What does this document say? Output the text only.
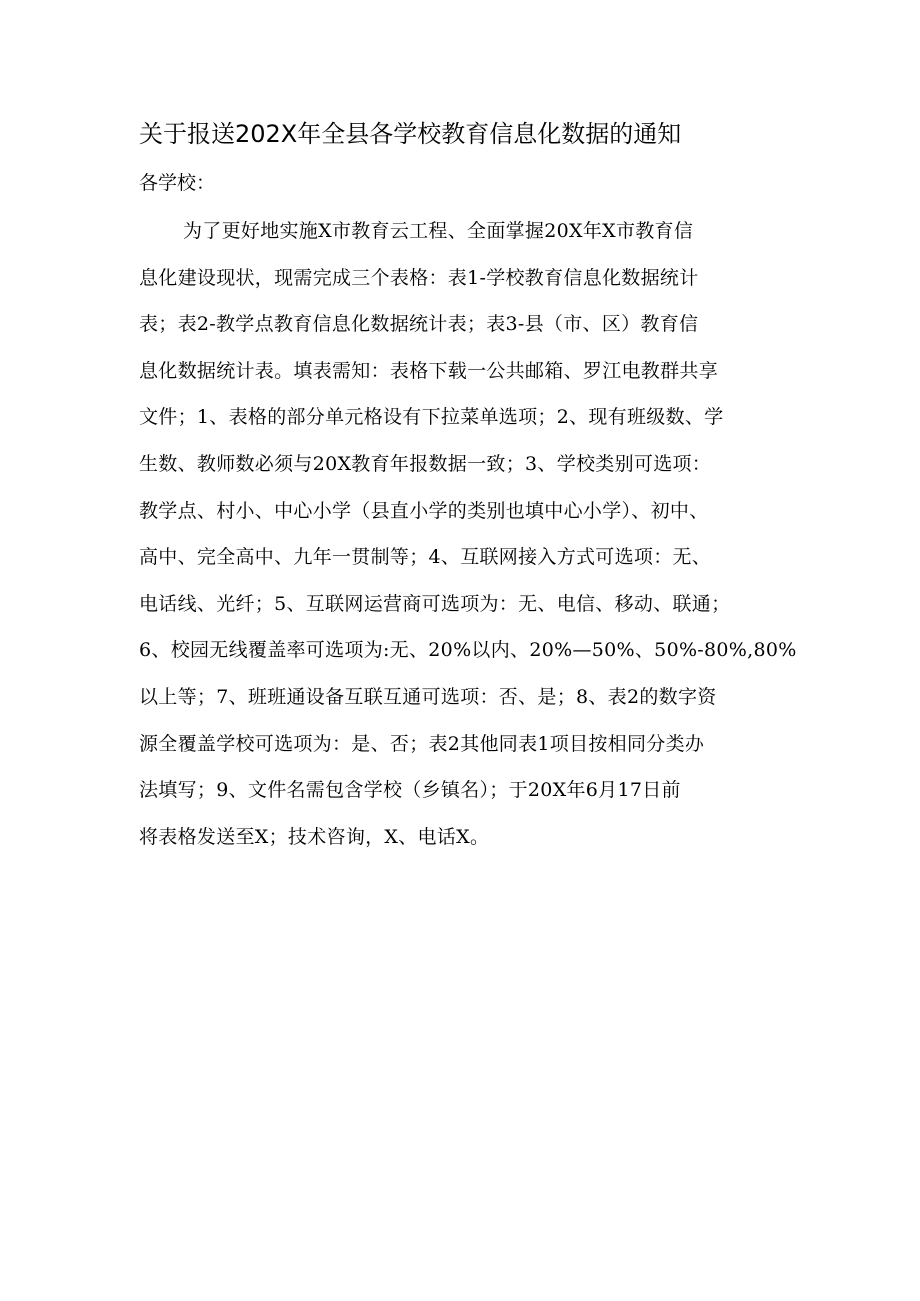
关于报送202X年全县各学校教育信息化数据的通知

各学校：

为了更好地实施X市教育云工程、全面掌握20X年X市教育信
息化建设现状，现需完成三个表格：表1-学校教育信息化数据统计
表；表2-教学点教育信息化数据统计表；表3-县（市、区）教育信
息化数据统计表。填表需知：表格下载一公共邮箱、罗江电教群共享
文件；1、表格的部分单元格设有下拉菜单选项；2、现有班级数、学
生数、教师数必须与20X教育年报数据一致；3、学校类别可选项：
教学点、村小、中心小学（县直小学的类别也填中心小学）、初中、
高中、完全高中、九年一贯制等；4、互联网接入方式可选项：无、
电话线、光纤；5、互联网运营商可选项为：无、电信、移动、联通；
6、校园无线覆盖率可选项为:无、20%以内、20%—50%、50%-80%,80%
以上等；7、班班通设备互联互通可选项：否、是；8、表2的数字资
源全覆盖学校可选项为：是、否；表2其他同表1项目按相同分类办
法填写；9、文件名需包含学校（乡镇名）；于20X年6月17日前
将表格发送至X；技术咨询，X、电话X。
